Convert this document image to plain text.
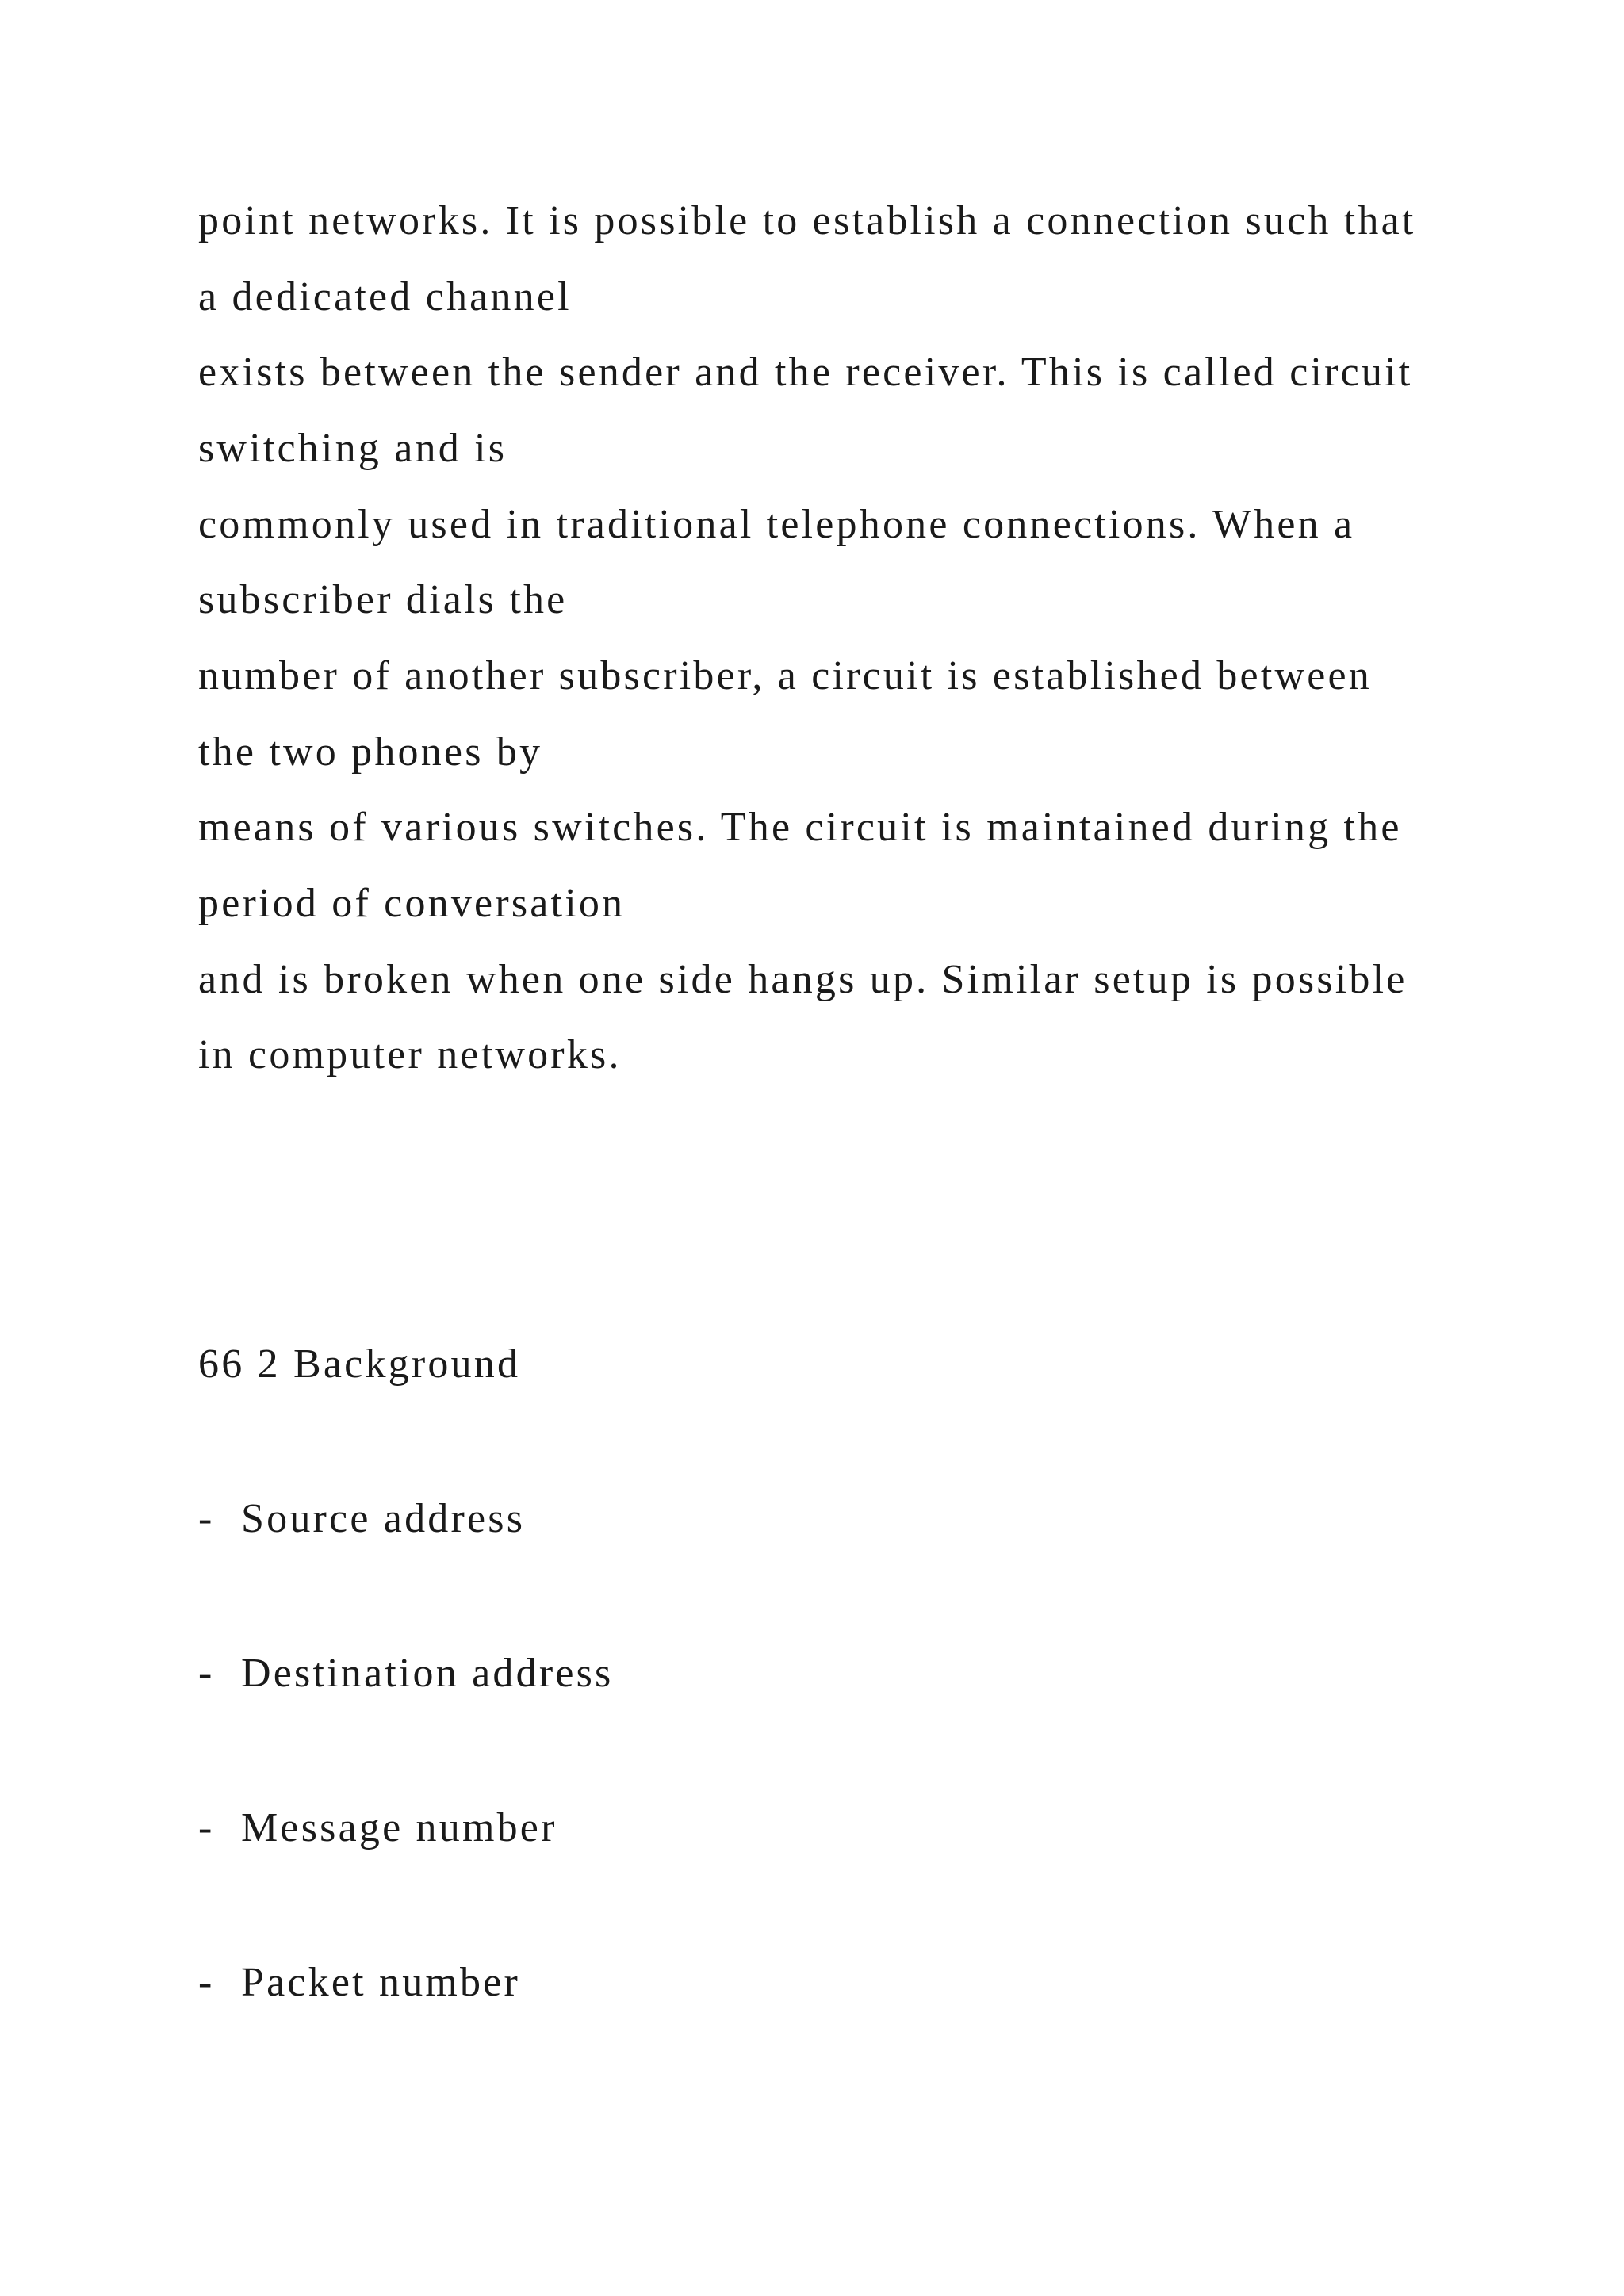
point networks. It is possible to establish a connection such that

a dedicated channel

exists between the sender and the receiver. This is called circuit

switching and is

commonly used in traditional telephone connections. When a

subscriber dials the

number of another subscriber, a circuit is established between

the two phones by

means of various switches. The circuit is maintained during the

period of conversation

and is broken when one side hangs up. Similar setup is possible

in computer networks.

66 2 Background

- Source address

- Destination address

- Message number

- Packet number
